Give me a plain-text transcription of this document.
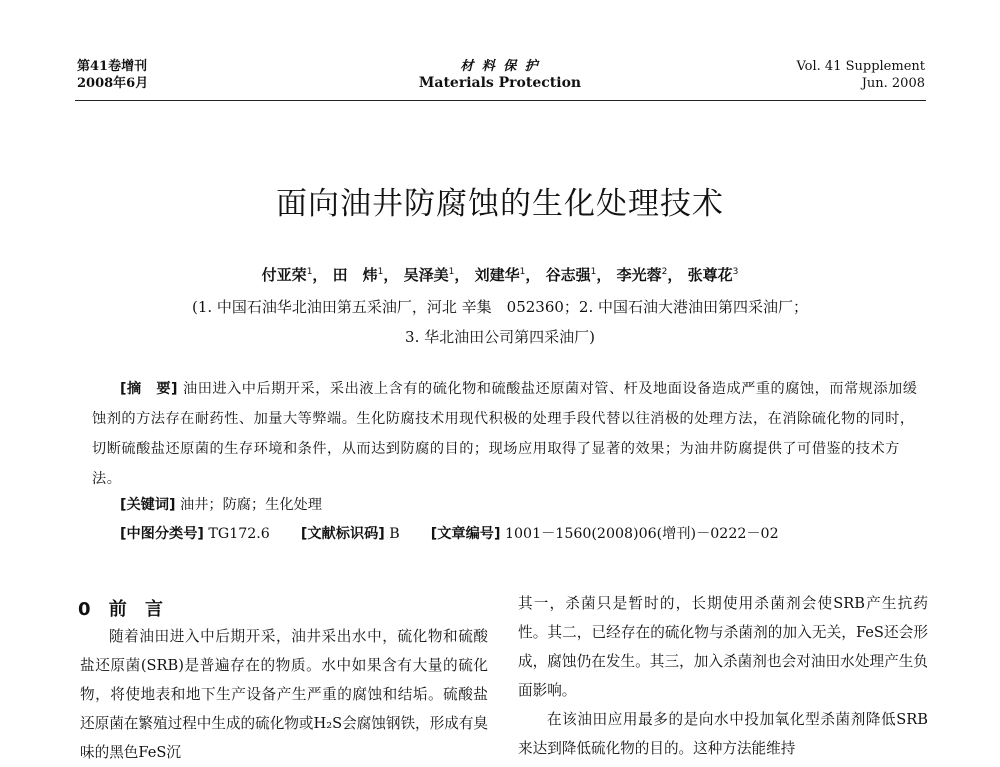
第41卷增刊
2008年6月
材 料 保 护
Materials Protection
Vol. 41 Supplement
Jun. 2008
面向油井防腐蚀的生化处理技术
付亚荣$^1$， 田　炜$^1$， 吴泽美$^1$， 刘建华$^1$， 谷志强$^1$， 李光蓉$^2$， 张尊花$^3$
(1. 中国石油华北油田第五采油厂，河北 辛集　052360；2. 中国石油大港油田第四采油厂；
3. 华北油田公司第四采油厂)
[摘　要] 油田进入中后期开采，采出液上含有的硫化物和硫酸盐还原菌对管、杆及地面设备造成严重的腐蚀，而常规添加缓蚀剂的方法存在耐药性、加量大等弊端。生化防腐技术用现代积极的处理手段代替以往消极的处理方法，在消除硫化物的同时，切断硫酸盐还原菌的生存环境和条件，从而达到防腐的目的；现场应用取得了显著的效果；为油井防腐提供了可借鉴的技术方法。
[关键词] 油井；防腐；生化处理
[中图分类号] TG172.6 [文献标识码] B [文章编号] 1001－1560(2008)06(增刊)－0222－02
0 前 言
随着油田进入中后期开采，油井采出水中，硫化物和硫酸盐还原菌(SRB)是普遍存在的物质。水中如果含有大量的硫化物，将使地表和地下生产设备产生严重的腐蚀和结垢。硫酸盐还原菌在繁殖过程中生成的硫化物或H₂S会腐蚀钢铁，形成有臭味的黑色FeS沉

其一，杀菌只是暂时的，长期使用杀菌剂会使SRB产生抗药性。其二，已经存在的硫化物与杀菌剂的加入无关，FeS还会形成，腐蚀仍在发生。其三，加入杀菌剂也会对油田水处理产生负面影响。

在该油田应用最多的是向水中投加氧化型杀菌剂降低SRB来达到降低硫化物的目的。这种方法能维持
